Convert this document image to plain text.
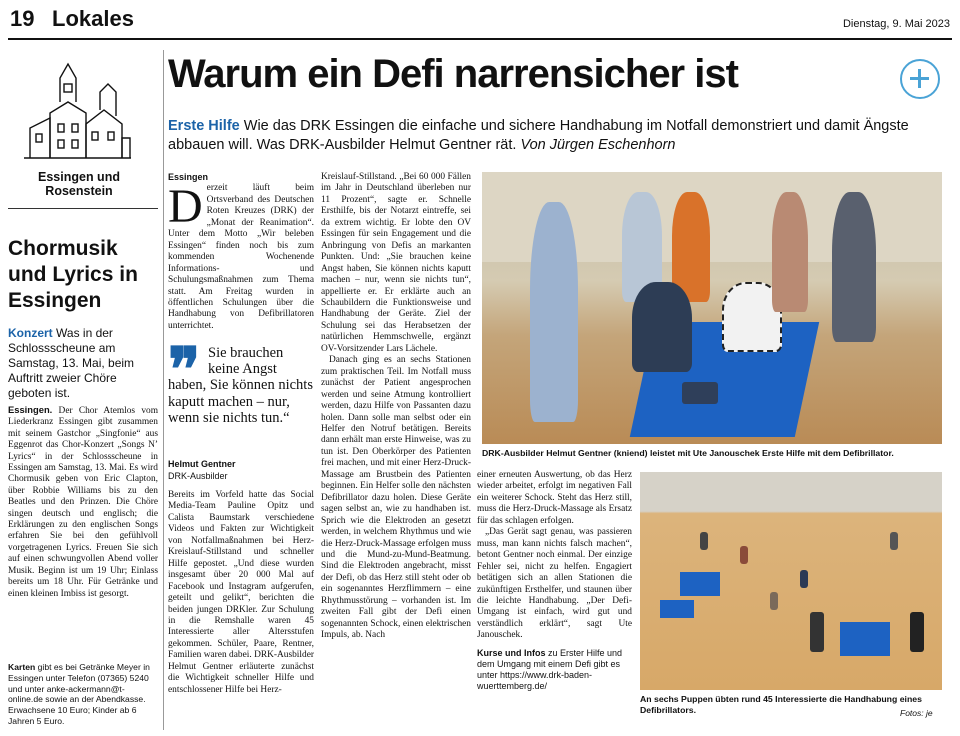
19 Lokales	Dienstag, 9. Mai 2023
Essingen und Rosenstein
Chormusik und Lyrics in Essingen
Konzert Was in der Schlossscheune am Samstag, 13. Mai, beim Auftritt zweier Chöre geboten ist.
Essingen. Der Chor Atemlos vom Liederkranz Essingen gibt zusammen mit seinem Gastchor „Singfonie“ aus Eggenrot das Chor-Konzert „Songs N’ Lyrics“ in der Schlossscheune in Essingen am Samstag, 13. Mai. Es wird Chormusik geben von Eric Clapton, über Robbie Williams bis zu den Beatles und den Prinzen. Die Chöre singen deutsch und englisch; die Erklärungen zu den englischen Songs erfahren Sie bei den gefühlvoll vorgetragenen Lyrics. Freuen Sie sich auf einen schwungvollen Abend voller Musik. Beginn ist um 19 Uhr; Einlass bereits um 18 Uhr. Für Getränke und einen kleinen Imbiss ist gesorgt.
Karten gibt es bei Getränke Meyer in Essingen unter Telefon (07365) 5240 und unter anke-ackermann@t-online.de sowie an der Abendkasse. Erwachsene 10 Euro; Kinder ab 6 Jahren 5 Euro.
Warum ein Defi narrensicher ist
Erste Hilfe Wie das DRK Essingen die einfache und sichere Handhabung im Notfall demonstriert und damit Ängste abbauen will. Was DRK-Ausbilder Helmut Gentner rät. Von Jürgen Eschenhorn
Essingen
D erzeit läuft beim Ortsverband des Deutschen Roten Kreuzes (DRK) der „Monat der Reanimation“. Unter dem Motto „Wir beleben Essingen“ finden noch bis zum kommenden Wochenende Informations- und Schulungsmaßnahmen zum Thema statt. Am Freitag wurden in öffentlichen Schulungen über die Handhabung von Defibrillatoren unterrichtet.
❞ Sie brauchen keine Angst
haben, Sie können nichts kaputt machen – nur, wenn sie nichts tun.“
Helmut Gentner
DRK-Ausbilder
Bereits im Vorfeld hatte das Social Media-Team Pauline Opitz und Calista Baumstark verschiedene Videos und Fakten zur Wichtigkeit von Notfallmaßnahmen bei Herz-Kreislauf-Stillstand und schneller Hilfe gepostet. „Und diese wurden insgesamt über 20 000 Mal auf Facebook und Instagram aufgerufen, geteilt und gelikt“, berichten die beiden jungen DRKler. Zur Schulung in die Remshalle waren 45 Interessierte aller Altersstufen gekommen. Schüler, Paare, Rentner, Familien waren dabei. DRK-Ausbilder Helmut Gentner erläuterte zunächst die Wichtigkeit schneller Hilfe und entschlossener Hilfe bei Herz-
Kreislauf-Stillstand. „Bei 60 000 Fällen im Jahr in Deutschland überleben nur 11 Prozent“, sagte er. Schnelle Ersthilfe, bis der Notarzt eintreffe, sei da extrem wichtig. Er lobte den OV Essingen für sein Engagement und die Anbringung von Defis an markanten Punkten. Und: „Sie brauchen keine Angst haben, Sie können nichts kaputt machen – nur, wenn sie nichts tun“, appellierte er. Er erklärte auch an Schaubildern die Funktionsweise und Handhabung der Geräte. Ziel der Schulung sei das Herabsetzen der natürlichen Hemmschwelle, ergänzt OV-Vorsitzender Lars Lächele.
Danach ging es an sechs Stationen zum praktischen Teil. Im Notfall muss zunächst der Patient angesprochen werden und seine Atmung kontrolliert werden, dazu Hilfe von Passanten dazu holen. Dann solle man selbst oder ein Helfer den Notruf betätigen. Bereits dann erhält man erste Hinweise, was zu tun ist. Den Oberkörper des Patienten frei machen, und mit einer Herz-Druck-Massage am Brustbein des Patienten beginnen. Ein Helfer solle den nächsten Defibrillator dazu holen. Diese Geräte sagen selbst an, wie zu handhaben ist. Sprich wie die Elektroden an gesetzt werden, in welchem Rhythmus und wie die Herz-Druck-Massage erfolgen muss und die Mund-zu-Mund-Beatmung. Sind die Elektroden angebracht, misst der Defi, ob das Herz still steht oder ob ein sogenanntes Herzflimmern – eine Rhythmusstörung – vorhanden ist. Im zweiten Fall gibt der Defi einen sogenannten Schock, einen elektrischen Impuls, ab. Nach
DRK-Ausbilder Helmut Gentner (kniend) leistet mit Ute Janouschek Erste Hilfe mit dem Defibrillator.
einer erneuten Auswertung, ob das Herz wieder arbeitet, erfolgt im negativen Fall ein weiterer Schock. Steht das Herz still, muss die Herz-Druck-Massage als Ersatz für das schlagen erfolgen.
„Das Gerät sagt genau, was passieren muss, man kann nichts falsch machen“, betont Gentner noch einmal. Der einzige Fehler sei, nicht zu helfen. Engagiert betätigen sich an allen Stationen die zukünftigen Ersthelfer, und staunen über die leichte Handhabung. „Der Defi-Umgang ist einfach, wird gut und verständlich erklärt“, sagt Ute Janouschek.
Kurse und Infos zu Erster Hilfe und dem Umgang mit einem Defi gibt es unter https://www.drk-baden-wuerttemberg.de/
An sechs Puppen übten rund 45 Interessierte die Handhabung eines Defibrillators.	Fotos: je
